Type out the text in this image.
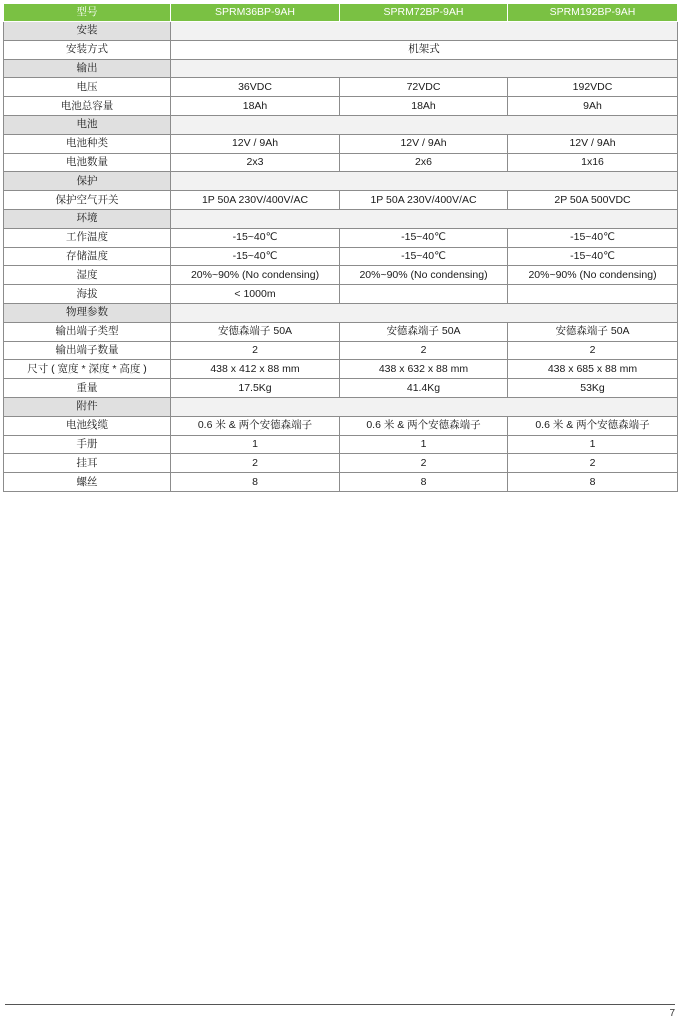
型号	SPRM36BP-9AH	SPRM72BP-9AH	SPRM192BP-9AH
安装			
安装方式	机架式		
输出			
电压	36VDC	72VDC	192VDC
电池总容量	18Ah	18Ah	9Ah
电池			
电池种类	12V / 9Ah	12V / 9Ah	12V / 9Ah
电池数量	2x3	2x6	1x16
保护			
保护空气开关	1P 50A 230V/400V/AC	1P 50A 230V/400V/AC	2P 50A 500VDC
环境			
工作温度	-15~40℃	-15~40℃	-15~40℃
存储温度	-15~40℃	-15~40℃	-15~40℃
湿度	20%~90% (No condensing)	20%~90% (No condensing)	20%~90% (No condensing)
海拔	< 1000m		
物理参数			
输出端子类型	安德森端子 50A	安德森端子 50A	安德森端子 50A
输出端子数量	2	2	2
尺寸 ( 宽度 * 深度 * 高度 )	438 x 412 x 88 mm	438 x 632 x 88 mm	438 x 685 x 88 mm
重量	17.5Kg	41.4Kg	53Kg
附件			
电池线缆	0.6 米 & 两个安德森端子	0.6 米 & 两个安德森端子	0.6 米 & 两个安德森端子
手册	1	1	1
挂耳	2	2	2
螺丝	8	8	8
7
